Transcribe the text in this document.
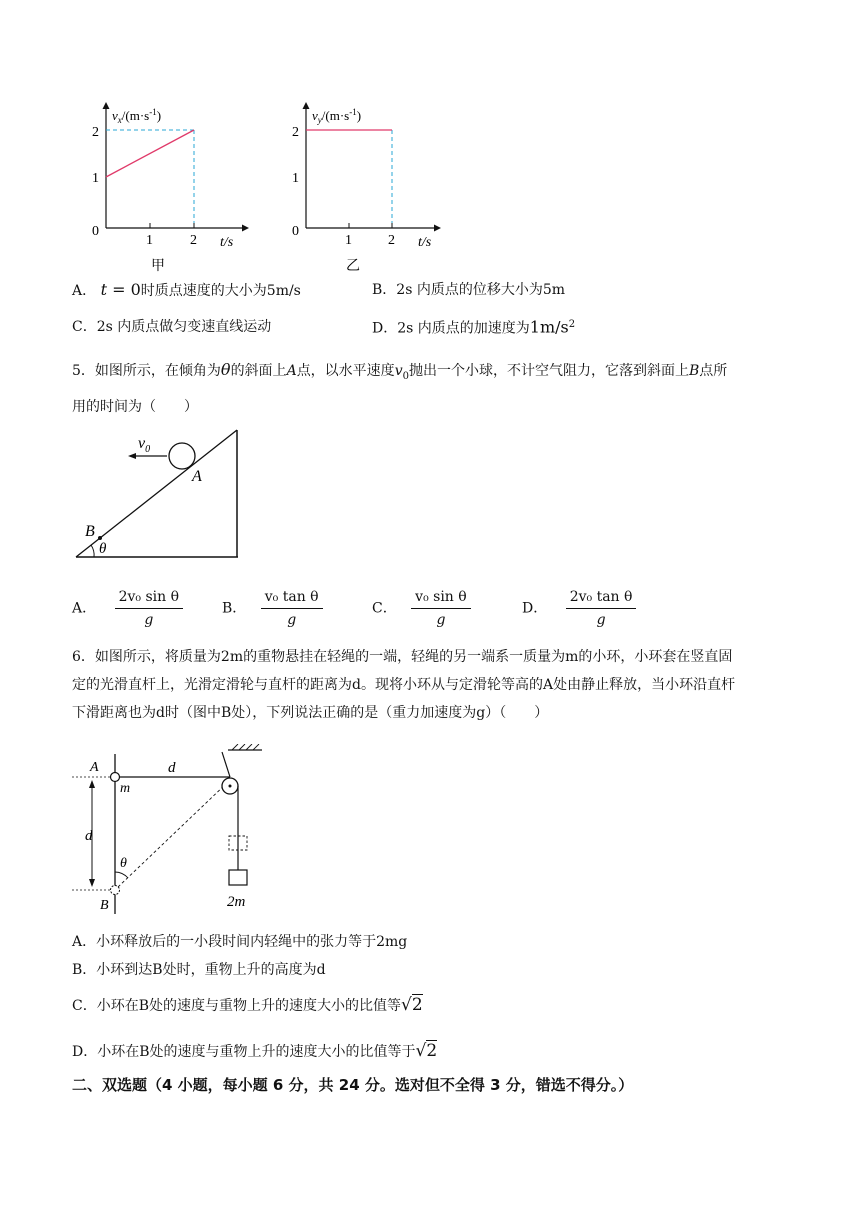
2
1
0
1	2 t/s
$v_x/(m\cdot s^{-1})$
甲
2
1
0
1	2 t/s
$v_y/(m\cdot s^{-1})$
乙
A． t = 0时质点速度的大小为5m/s	B．2s 内质点的位移大小为5m
C．2s 内质点做匀变速直线运动	D．2s 内质点的加速度为$1m/s^2$
5．如图所示，在倾角为θ的斜面上A点，以水平速度$v_0$抛出一个小球，不计空气阻力，它落到斜面上B点所
用的时间为（　　）
$v_0$
A
B
θ
A． $\frac{\text{2v₀ sin θ}}{g}$	B． $\frac{\text{v₀ tan θ}}{g}$	C． $\frac{\text{v₀ sin θ}}{g}$	D． $\frac{\text{2v₀ tan θ}}{g}$
6．如图所示，将质量为2m的重物悬挂在轻绳的一端，轻绳的另一端系一质量为m的小环，小环套在竖直固
定的光滑直杆上，光滑定滑轮与直杆的距离为d。现将小环从与定滑轮等高的A处由静止释放，当小环沿直杆
下滑距离也为d时（图中B处），下列说法正确的是（重力加速度为g）（　　）
d
d
A
m
B
θ
2m
A．小环释放后的一小段时间内轻绳中的张力等于2mg
B．小环到达B处时，重物上升的高度为d
C．小环在B处的速度与重物上升的速度大小的比值等√2
D．小环在B处的速度与重物上升的速度大小的比值等于√2
二、双选题（4 小题，每小题 6 分，共 24 分。选对但不全得 3 分，错选不得分。）
